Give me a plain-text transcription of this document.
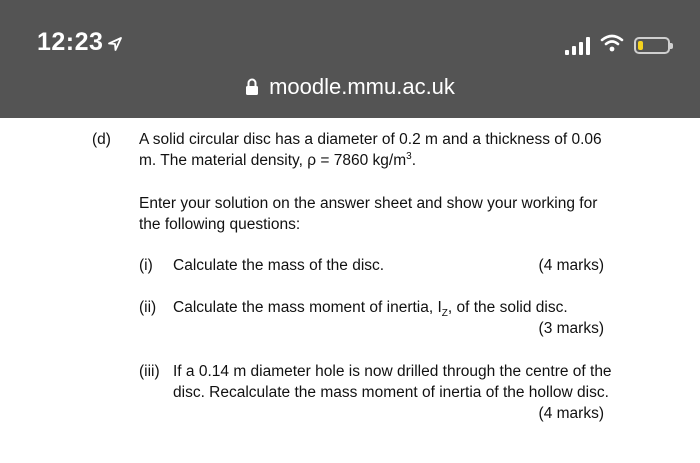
12:23
moodle.mmu.ac.uk
(d) A solid circular disc has a diameter of 0.2 m and a thickness of 0.06 m. The material density, ρ = 7860 $kg/m^3$.
Enter your solution on the answer sheet and show your working for the following questions:
(i) Calculate the mass of the disc.	(4 marks)
(ii) Calculate the mass moment of inertia, $I_Z$, of the solid disc.
(3 marks)
(iii) If a 0.14 m diameter hole is now drilled through the centre of the disc. Recalculate the mass moment of inertia of the hollow disc.
(4 marks)
